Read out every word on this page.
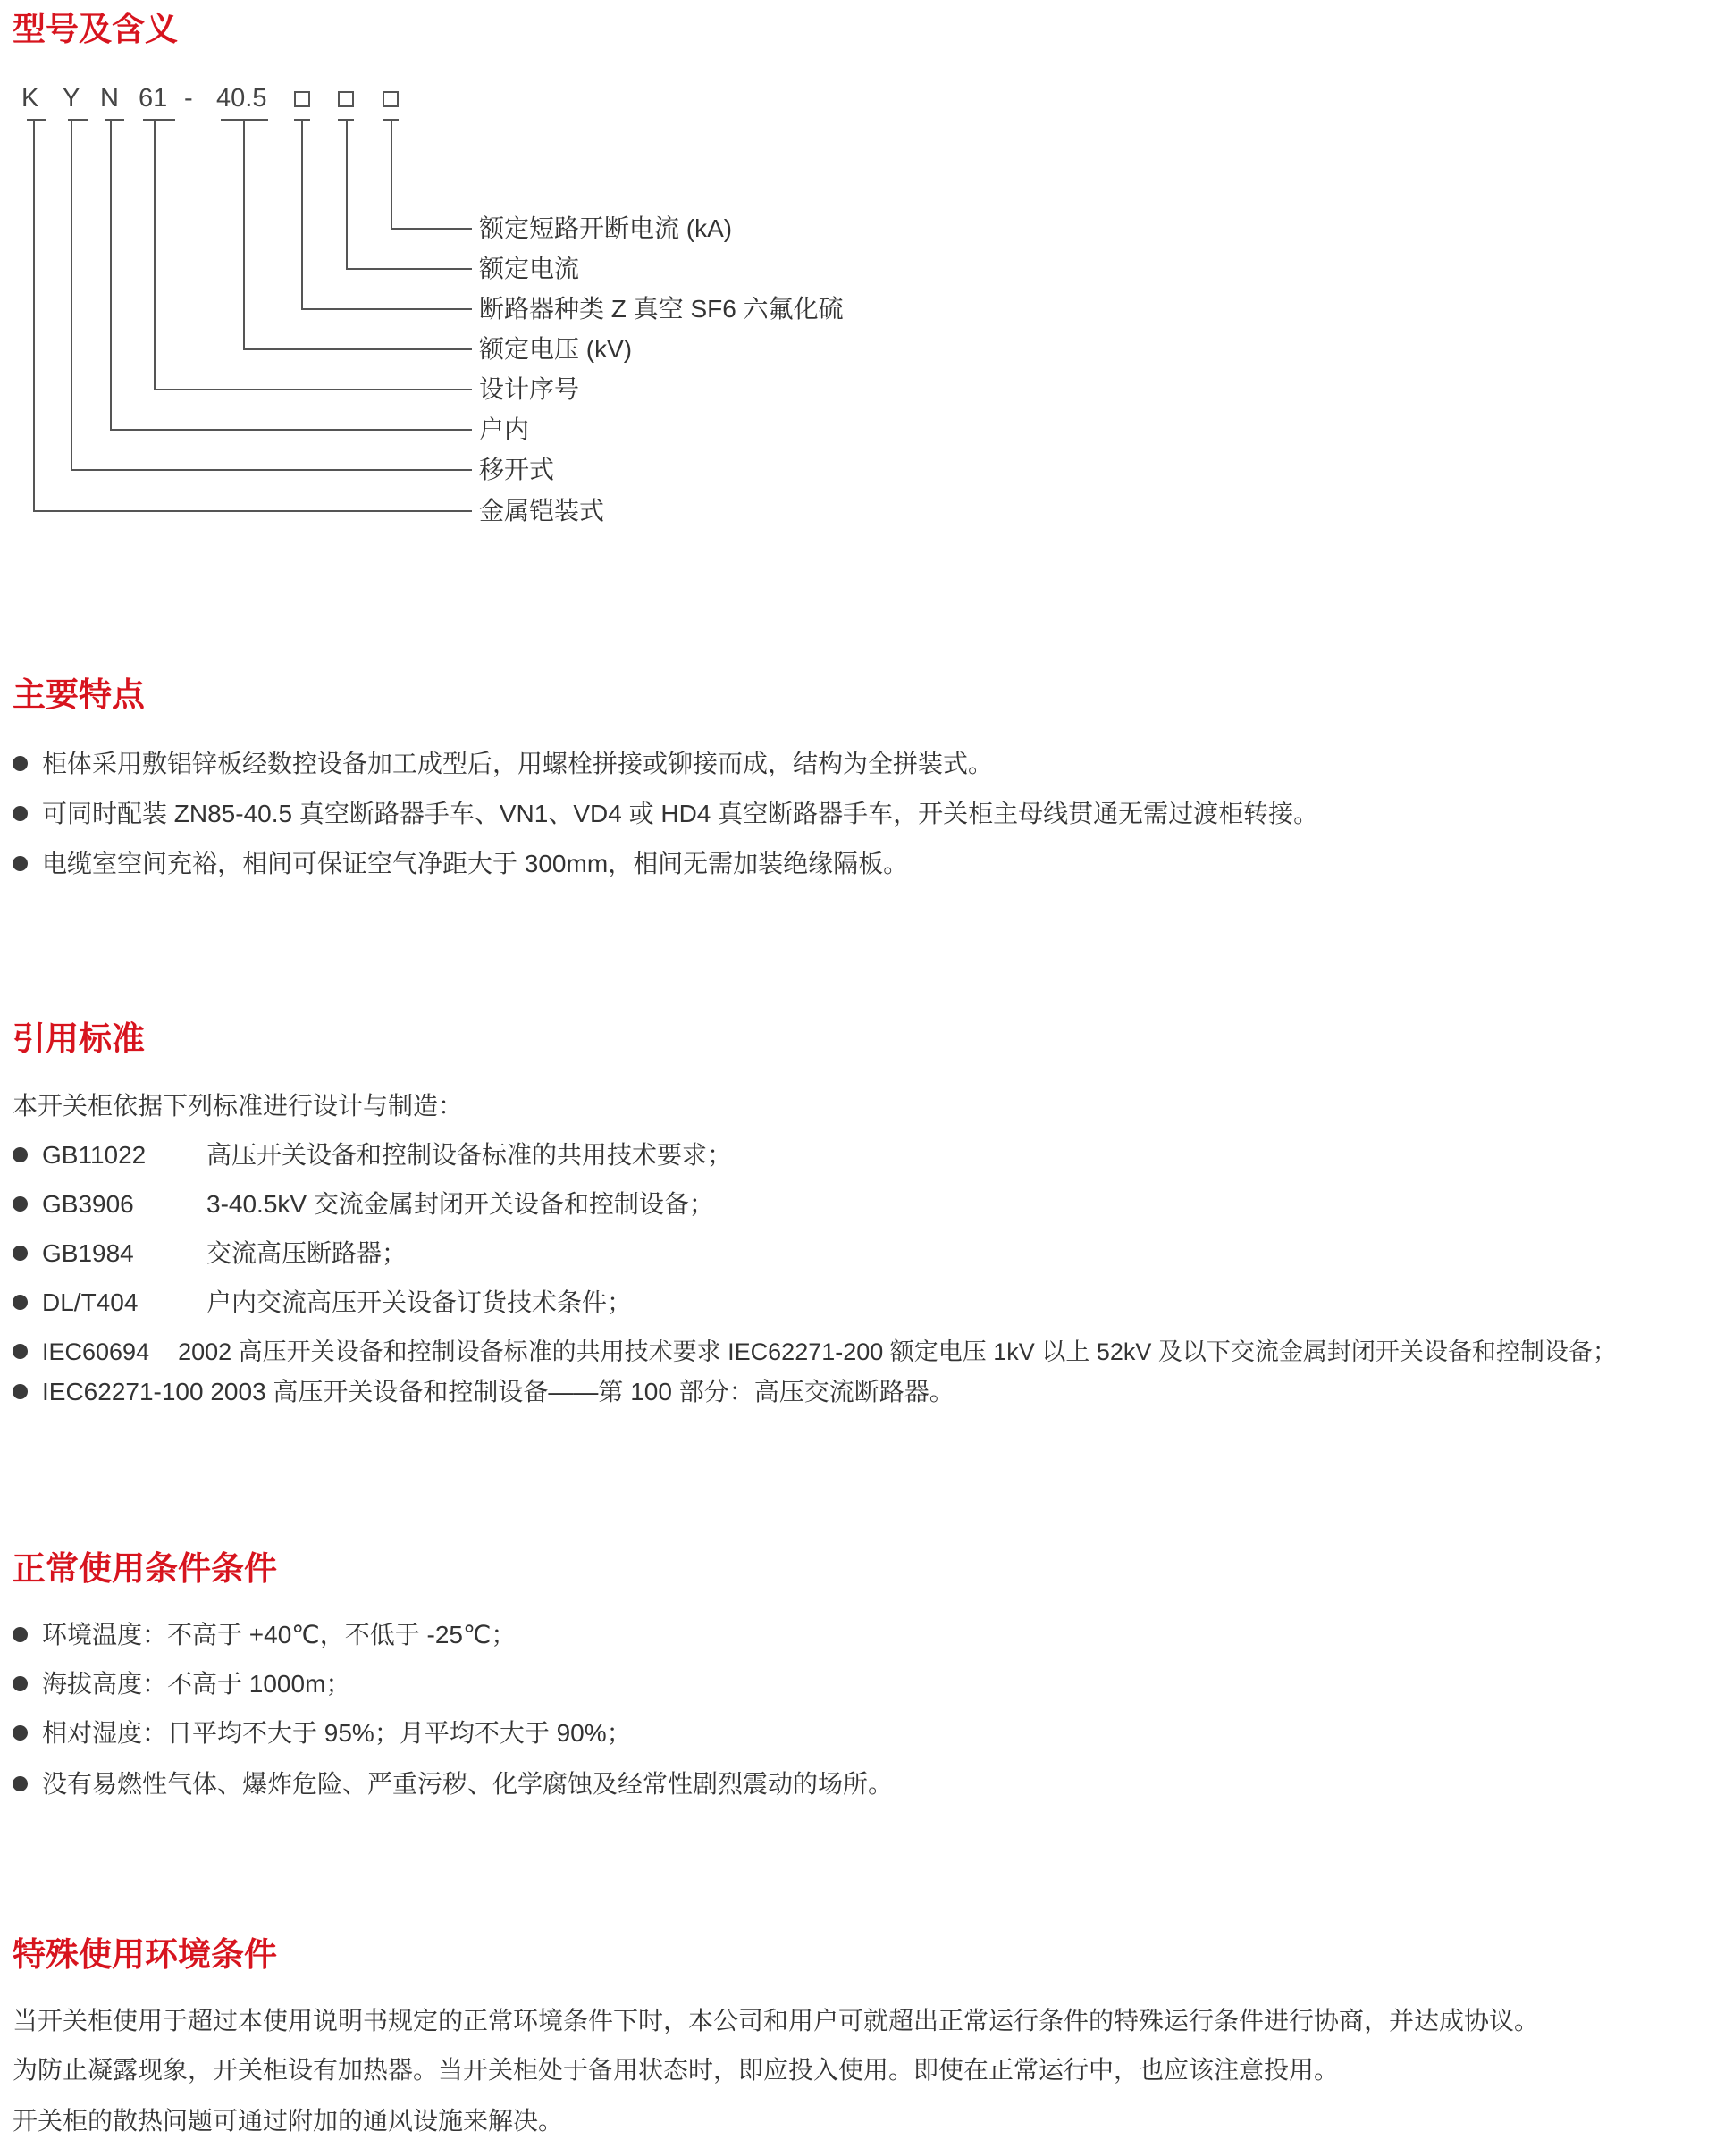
型号及含义
K Y N 61 - 40.5
额定短路开断电流 (kA)
额定电流
断路器种类 Z 真空 SF6 六氟化硫
额定电压 (kV)
设计序号
户内
移开式
金属铠装式
主要特点
柜体采用敷铝锌板经数控设备加工成型后，用螺栓拼接或铆接而成，结构为全拼装式。
可同时配装 ZN85-40.5 真空断路器手车、VN1、VD4 或 HD4 真空断路器手车，开关柜主母线贯通无需过渡柜转接。
电缆室空间充裕，相间可保证空气净距大于 300mm，相间无需加装绝缘隔板。
引用标准

本开关柜依据下列标准进行设计与制造：

GB11022 高压开关设备和控制设备标准的共用技术要求；
GB3906	3-40.5kV 交流金属封闭开关设备和控制设备；
GB1984	交流高压断路器；
DL/T404	户内交流高压开关设备订货技术条件；
IEC60694 2002 高压开关设备和控制设备标准的共用技术要求 IEC62271-200 额定电压 1kV 以上 52kV 及以下交流金属封闭开关设备和控制设备；
IEC62271-100 2003 高压开关设备和控制设备——第 100 部分：高压交流断路器。
正常使用条件条件
环境温度：不高于 +40℃，不低于 -25℃；
海拔高度：不高于 1000m；
相对湿度：日平均不大于 95%；月平均不大于 90%；
没有易燃性气体、爆炸危险、严重污秽、化学腐蚀及经常性剧烈震动的场所。
特殊使用环境条件

当开关柜使用于超过本使用说明书规定的正常环境条件下时，本公司和用户可就超出正常运行条件的特殊运行条件进行协商，并达成协议。

为防止凝露现象，开关柜设有加热器。当开关柜处于备用状态时，即应投入使用。即使在正常运行中，也应该注意投用。

开关柜的散热问题可通过附加的通风设施来解决。
